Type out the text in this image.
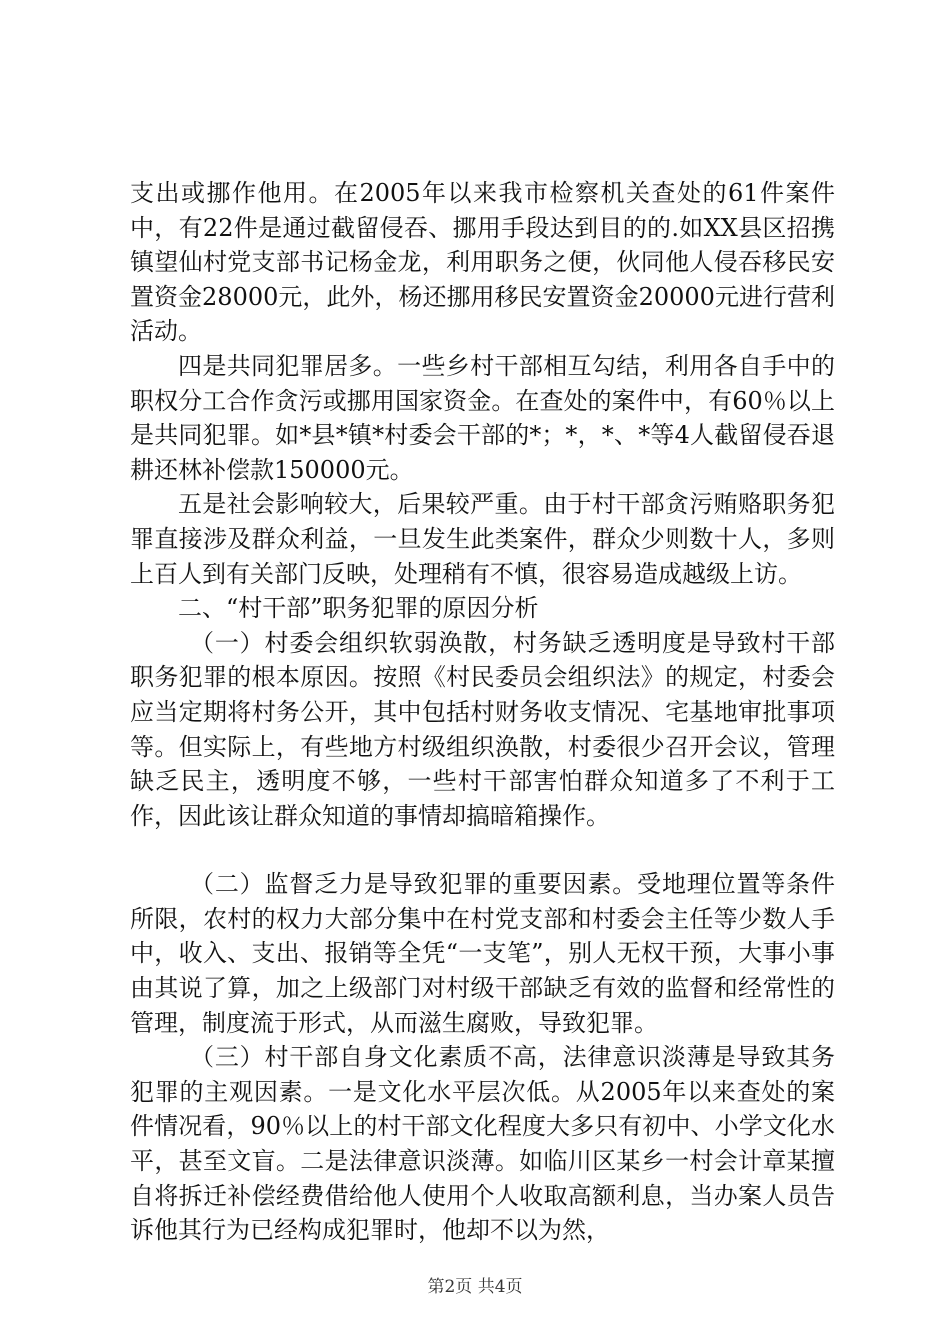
支出或挪作他用。在2005年以来我市检察机关查处的61件案件中，有22件是通过截留侵吞、挪用手段达到目的的.如XX县区招携镇望仙村党支部书记杨金龙，利用职务之便，伙同他人侵吞移民安置资金28000元，此外，杨还挪用移民安置资金20000元进行营利活动。

四是共同犯罪居多。一些乡村干部相互勾结，利用各自手中的职权分工合作贪污或挪用国家资金。在查处的案件中，有60％以上是共同犯罪。如*县*镇*村委会干部的*；*，*、*等4人截留侵吞退耕还林补偿款150000元。

五是社会影响较大，后果较严重。由于村干部贪污贿赂职务犯罪直接涉及群众利益，一旦发生此类案件，群众少则数十人，多则上百人到有关部门反映，处理稍有不慎，很容易造成越级上访。

二、“村干部”职务犯罪的原因分析

（一）村委会组织软弱涣散，村务缺乏透明度是导致村干部职务犯罪的根本原因。按照《村民委员会组织法》的规定，村委会应当定期将村务公开，其中包括村财务收支情况、宅基地审批事项等。但实际上，有些地方村级组织涣散，村委很少召开会议，管理缺乏民主，透明度不够，一些村干部害怕群众知道多了不利于工作，因此该让群众知道的事情却搞暗箱操作。

（二）监督乏力是导致犯罪的重要因素。受地理位置等条件所限，农村的权力大部分集中在村党支部和村委会主任等少数人手中，收入、支出、报销等全凭“一支笔”，别人无权干预，大事小事由其说了算，加之上级部门对村级干部缺乏有效的监督和经常性的管理，制度流于形式，从而滋生腐败，导致犯罪。

（三）村干部自身文化素质不高，法律意识淡薄是导致其务犯罪的主观因素。一是文化水平层次低。从2005年以来查处的案件情况看，90％以上的村干部文化程度大多只有初中、小学文化水平，甚至文盲。二是法律意识淡薄。如临川区某乡一村会计章某擅自将拆迁补偿经费借给他人使用个人收取高额利息，当办案人员告诉他其行为已经构成犯罪时，他却不以为然，

第2页 共4页
